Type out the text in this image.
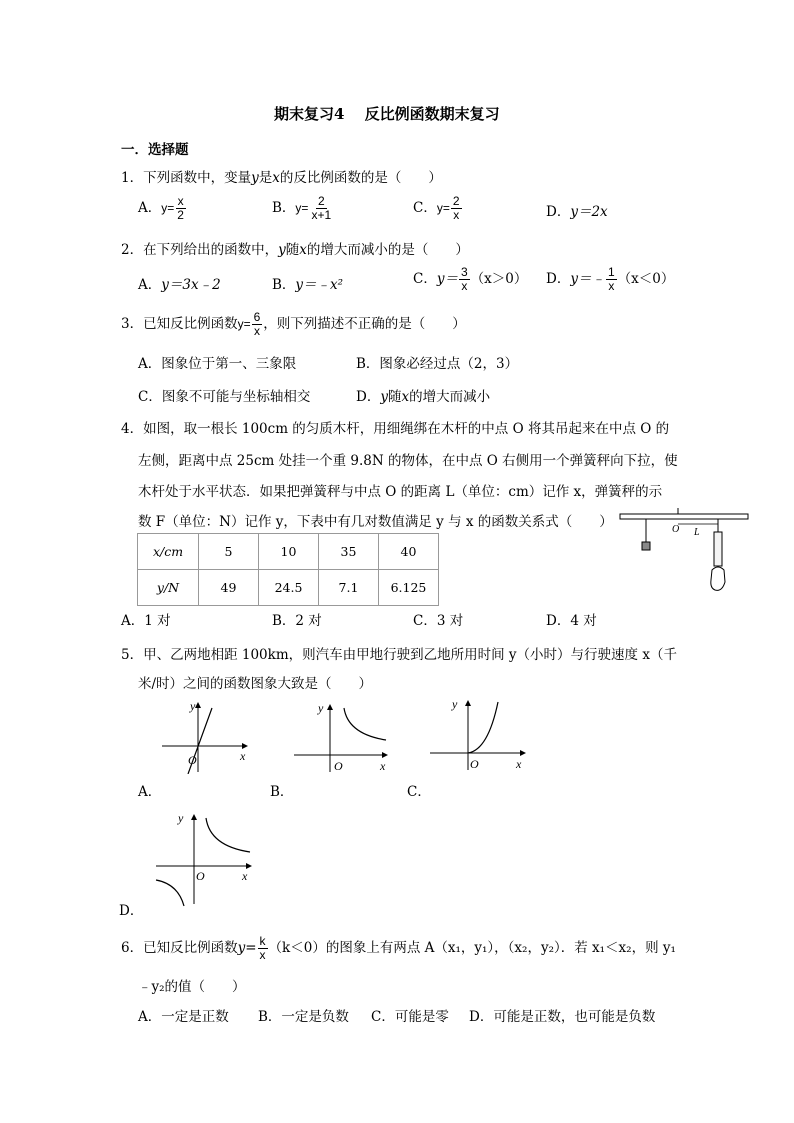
期末复习4　 反比例函数期末复习
一．选择题
1．下列函数中，变量y是x的反比例函数的是（　　）
A．$y= \frac{x}{2}$	B．$y= \frac{2}{x+1}$	C．$y= \frac{2}{x}$	D．y＝2x
2．在下列给出的函数中，y随x的增大而减小的是（　　）
A．y＝3x﹣2	B．y＝﹣x²	C．$y= \frac{3}{x} (x>0)$ D．y＝﹣ $\frac{1}{x} (x<0)$
3．已知反比例函数$y= \frac{6}{x}$ ，则下列描述不正确的是（　　）
A．图象位于第一、三象限	B．图象必经过点（2，3）
C．图象不可能与坐标轴相交	D．y随x的增大而减小
4．如图，取一根长 100cm 的匀质木杆，用细绳绑在木杆的中点 O 将其吊起来在中点 O 的
左侧，距离中点 25cm 处挂一个重 9.8N 的物体，在中点 O 右侧用一个弹簧秤向下拉，使
木杆处于水平状态．如果把弹簧秤与中点 O 的距离 L（单位：cm）记作 x，弹簧秤的示
数 F（单位：N）记作 y，下表中有几对数值满足 y 与 x 的函数关系式（　　）
x/cm	5	10	35	40
y/N	49	24.5	7.1	6.125
O L
A．1 对	B．2 对	C．3 对	D．4 对
5．甲、乙两地相距 100km，则汽车由甲地行驶到乙地所用时间 y（小时）与行驶速度 x（千
米/时）之间的函数图象大致是（　　）
y
x
O
A．
y
x
O
B．
y
x
O
C．
y
x
O
D．
6．已知反比例函数$y= \frac{k}{x} (k<0)$的图象上有两点 A（x₁，y₁），（x₂，y₂）．若 x₁＜x₂，则 y₁
﹣y₂的值（　　）
A．一定是正数 B．一定是负数 C．可能是零 D．可能是正数，也可能是负数
